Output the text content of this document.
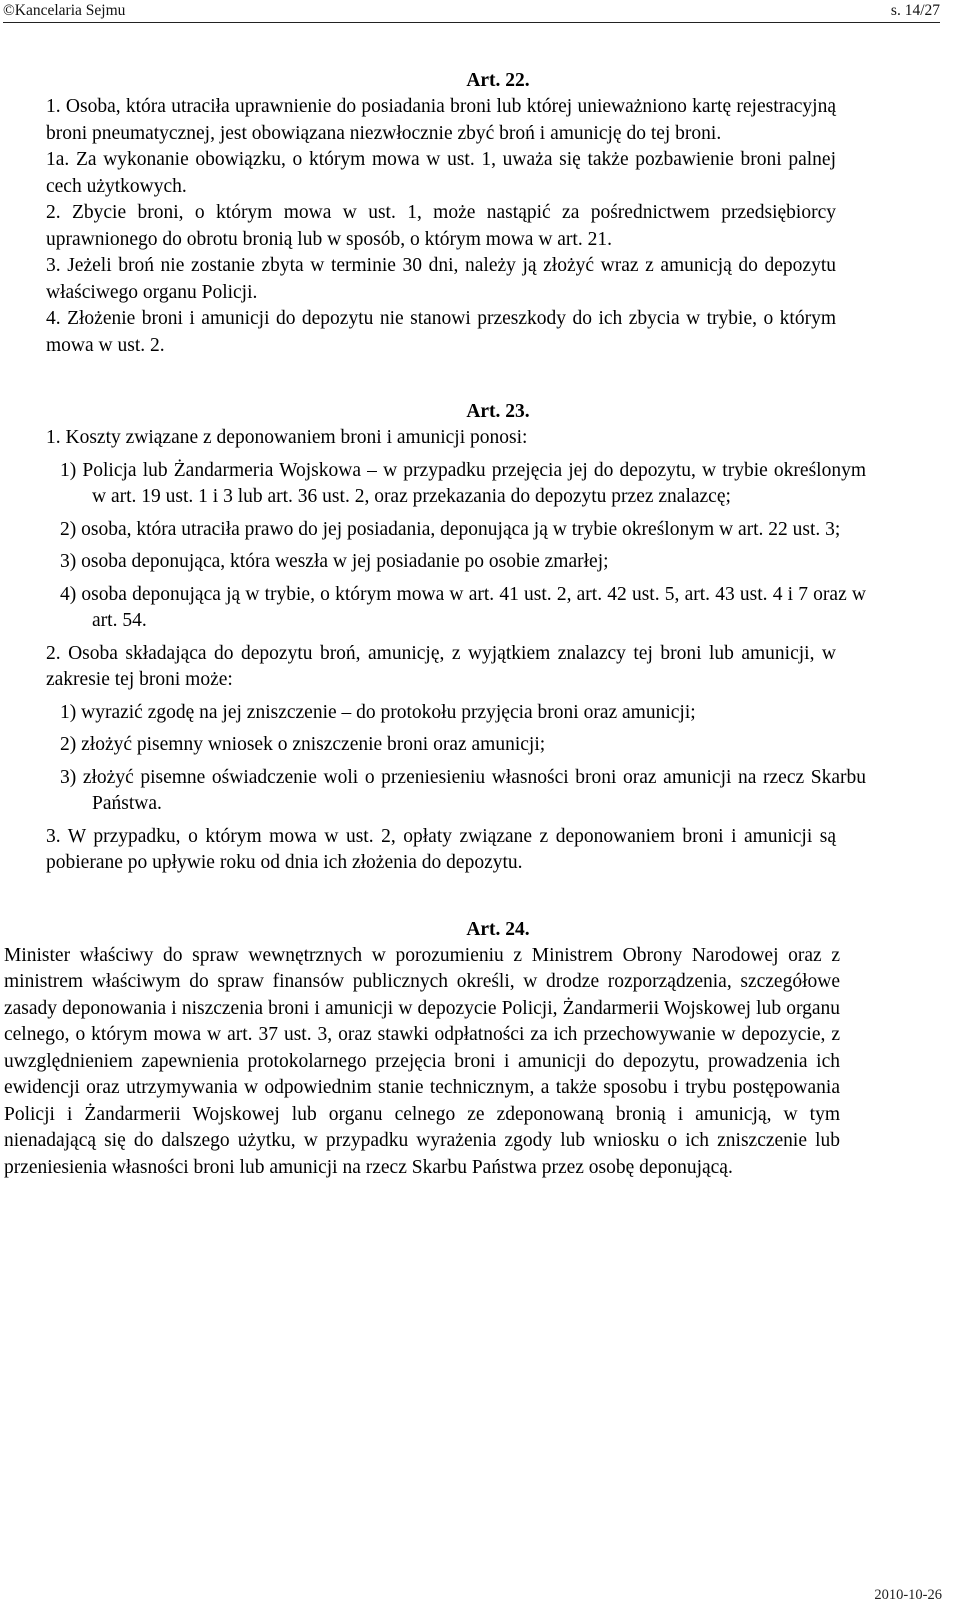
©Kancelaria Sejmu	s. 14/27
Art. 22.
1. Osoba, która utraciła uprawnienie do posiadania broni lub której unieważniono kartę rejestracyjną broni pneumatycznej, jest obowiązana niezwłocznie zbyć broń i amunicję do tej broni.
1a. Za wykonanie obowiązku, o którym mowa w ust. 1, uważa się także pozbawienie broni palnej cech użytkowych.
2. Zbycie broni, o którym mowa w ust. 1, może nastąpić za pośrednictwem przedsiębiorcy uprawnionego do obrotu bronią lub w sposób, o którym mowa w art. 21.
3. Jeżeli broń nie zostanie zbyta w terminie 30 dni, należy ją złożyć wraz z amunicją do depozytu właściwego organu Policji.
4. Złożenie broni i amunicji do depozytu nie stanowi przeszkody do ich zbycia w trybie, o którym mowa w ust. 2.
Art. 23.
1. Koszty związane z deponowaniem broni i amunicji ponosi:
1) Policja lub Żandarmeria Wojskowa – w przypadku przejęcia jej do depozytu, w trybie określonym w art. 19 ust. 1 i 3 lub art. 36 ust. 2, oraz przekazania do depozytu przez znalazcę;
2) osoba, która utraciła prawo do jej posiadania, deponująca ją w trybie określonym w art. 22 ust. 3;
3) osoba deponująca, która weszła w jej posiadanie po osobie zmarłej;
4) osoba deponująca ją w trybie, o którym mowa w art. 41 ust. 2, art. 42 ust. 5, art. 43 ust. 4 i 7 oraz w art. 54.
2. Osoba składająca do depozytu broń, amunicję, z wyjątkiem znalazcy tej broni lub amunicji, w zakresie tej broni może:
1) wyrazić zgodę na jej zniszczenie – do protokołu przyjęcia broni oraz amunicji;
2) złożyć pisemny wniosek o zniszczenie broni oraz amunicji;
3) złożyć pisemne oświadczenie woli o przeniesieniu własności broni oraz amunicji na rzecz Skarbu Państwa.
3. W przypadku, o którym mowa w ust. 2, opłaty związane z deponowaniem broni i amunicji są pobierane po upływie roku od dnia ich złożenia do depozytu.
Art. 24.
Minister właściwy do spraw wewnętrznych w porozumieniu z Ministrem Obrony Narodowej oraz z ministrem właściwym do spraw finansów publicznych określi, w drodze rozporządzenia, szczegółowe zasady deponowania i niszczenia broni i amunicji w depozycie Policji, Żandarmerii Wojskowej lub organu celnego, o którym mowa w art. 37 ust. 3, oraz stawki odpłatności za ich przechowywanie w depozycie, z uwzględnieniem zapewnienia protokolarnego przejęcia broni i amunicji do depozytu, prowadzenia ich ewidencji oraz utrzymywania w odpowiednim stanie technicznym, a także sposobu i trybu postępowania Policji i Żandarmerii Wojskowej lub organu celnego ze zdeponowaną bronią i amunicją, w tym nienadającą się do dalszego użytku, w przypadku wyrażenia zgody lub wniosku o ich zniszczenie lub przeniesienia własności broni lub amunicji na rzecz Skarbu Państwa przez osobę deponującą.
2010-10-26
